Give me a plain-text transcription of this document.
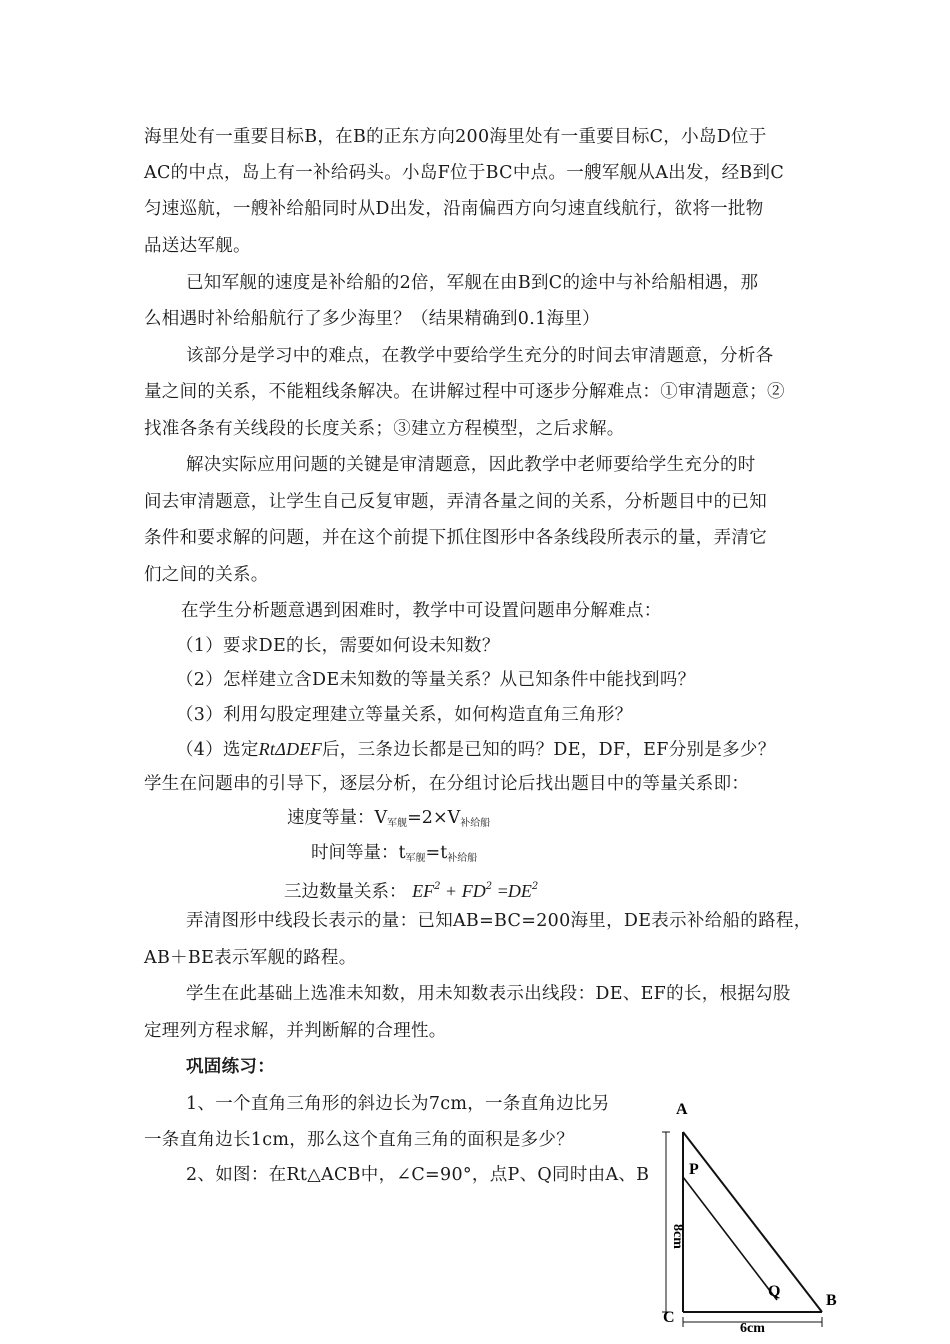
海里处有一重要目标B，在B的正东方向200海里处有一重要目标C，小岛D位于
AC的中点，岛上有一补给码头。小岛F位于BC中点。一艘军舰从A出发，经B到C
匀速巡航，一艘补给船同时从D出发，沿南偏西方向匀速直线航行，欲将一批物
品送达军舰。
已知军舰的速度是补给船的2倍，军舰在由B到C的途中与补给船相遇，那
么相遇时补给船航行了多少海里？（结果精确到0.1海里）
该部分是学习中的难点，在教学中要给学生充分的时间去审清题意，分析各
量之间的关系，不能粗线条解决。在讲解过程中可逐步分解难点：①审清题意；②
找准各条有关线段的长度关系；③建立方程模型，之后求解。
解决实际应用问题的关键是审清题意，因此教学中老师要给学生充分的时
间去审清题意，让学生自己反复审题，弄清各量之间的关系，分析题目中的已知
条件和要求解的问题，并在这个前提下抓住图形中各条线段所表示的量，弄清它
们之间的关系。
在学生分析题意遇到困难时，教学中可设置问题串分解难点：
（1）要求DE的长，需要如何设未知数？
（2）怎样建立含DE未知数的等量关系？从已知条件中能找到吗？
（3）利用勾股定理建立等量关系，如何构造直角三角形？
（4）选定RtΔDEF后，三条边长都是已知的吗？DE，DF，EF分别是多少？
学生在问题串的引导下，逐层分析，在分组讨论后找出题目中的等量关系即：
速度等量：$V_{军舰}=2\times V_{补给船}$
时间等量：$t_{军舰}=t_{补给船}$
三边数量关系： $EF^2 + FD^2 =DE^2$
弄清图形中线段长表示的量：已知AB=BC=200海里，DE表示补给船的路程，
AB＋BE表示军舰的路程。
学生在此基础上选准未知数，用未知数表示出线段：DE、EF的长，根据勾股
定理列方程求解，并判断解的合理性。
巩固练习：
1、一个直角三角形的斜边长为7cm，一条直角边比另
一条直角边长1cm，那么这个直角三角的面积是多少？
2、如图：在Rt△ACB中，∠C=90°，点P、Q同时由A、B
A
P
Q
B
C
6cm
8cm
